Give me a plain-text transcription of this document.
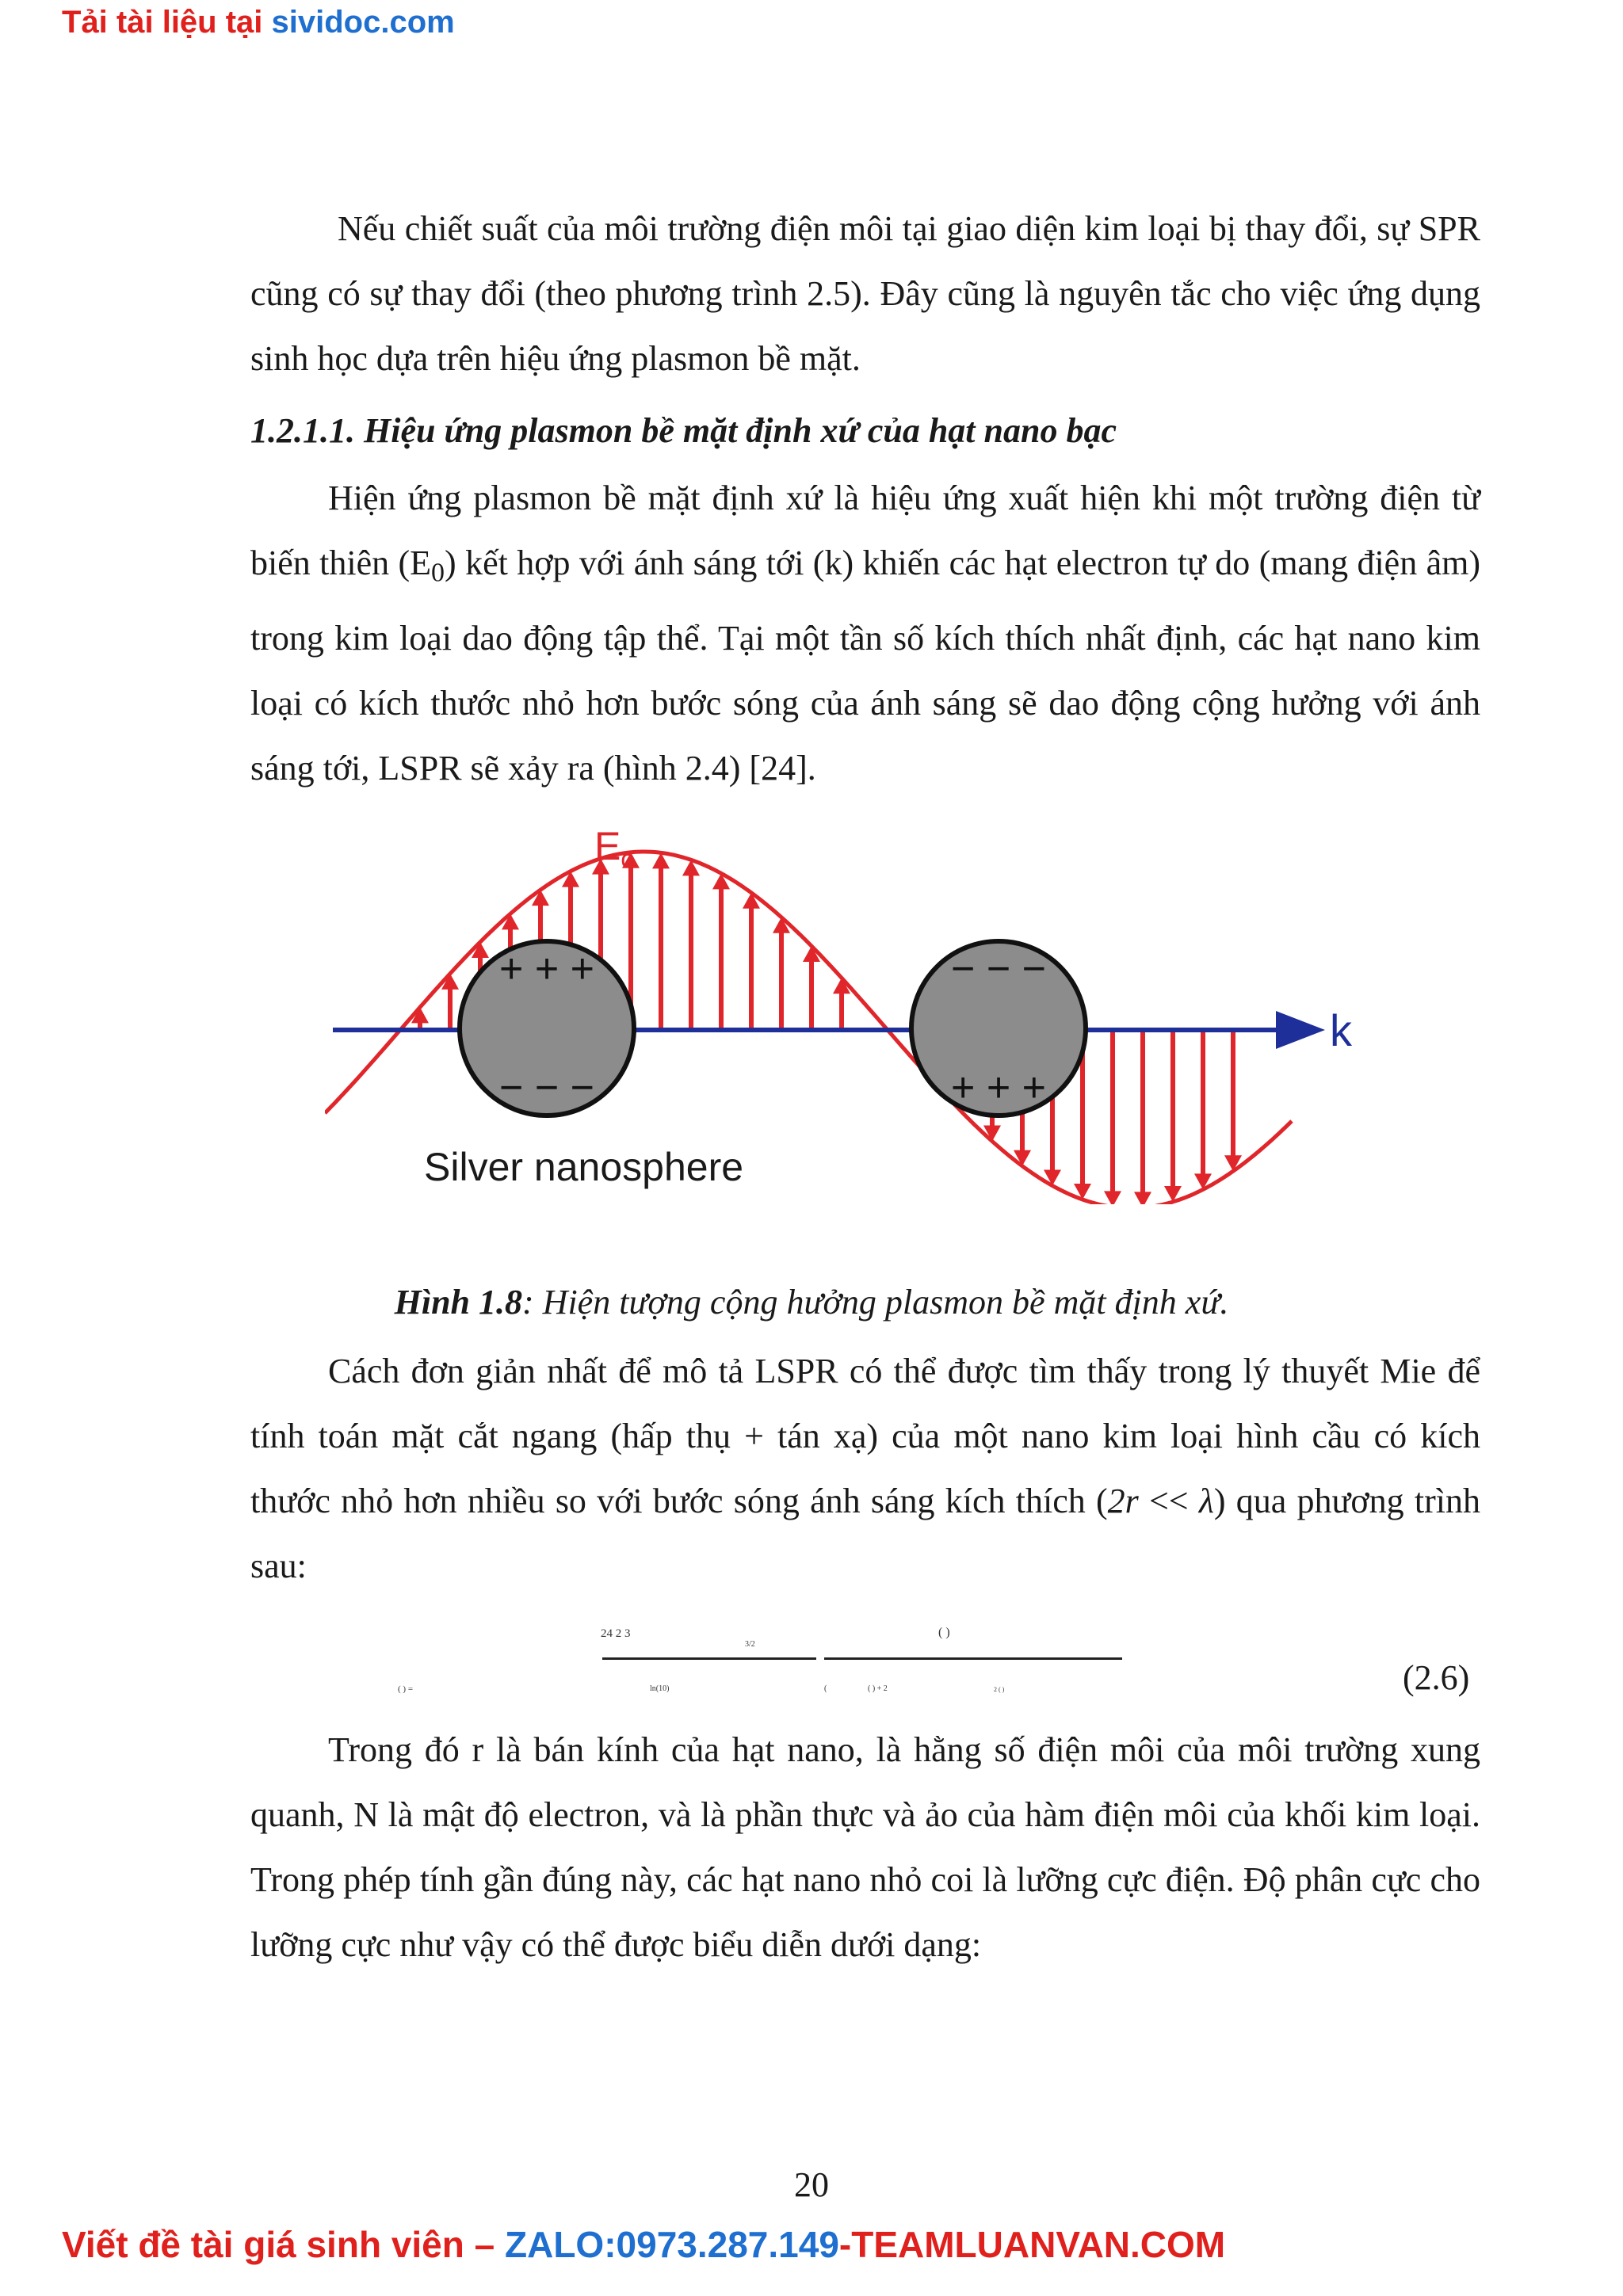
Tải tài liệu tại sividoc.com

Nếu chiết suất của môi trường điện môi tại giao diện kim loại bị thay đổi, sự SPR cũng có sự thay đổi (theo phương trình 2.5). Đây cũng là nguyên tắc cho việc ứng dụng sinh học dựa trên hiệu ứng plasmon bề mặt.

1.2.1.1. Hiệu ứng plasmon bề mặt định xứ của hạt nano bạc

Hiện ứng plasmon bề mặt định xứ là hiệu ứng xuất hiện khi một trường điện từ biến thiên $(E_0)$ kết hợp với ánh sáng tới (k) khiến các hạt electron tự do (mang điện âm) trong kim loại dao động tập thể. Tại một tần số kích thích nhất định, các hạt nano kim loại có kích thước nhỏ hơn bước sóng của ánh sáng sẽ dao động cộng hưởng với ánh sáng tới, LSPR sẽ xảy ra (hình 2.4) [24].

+ + +
− − −
− − −
+ + +
$E_o$
k
Silver nanosphere

Hình 1.8: Hiện tượng cộng hưởng plasmon bề mặt định xứ.

Cách đơn giản nhất để mô tả LSPR có thể được tìm thấy trong lý thuyết Mie để tính toán mặt cắt ngang (hấp thụ + tán xạ) của một nano kim loại hình cầu có kích thước nhỏ hơn nhiều so với bước sóng ánh sáng kích thích (2r << λ) qua phương trình sau:

24 2 3
3/2
( )
( ) =	ln(10)	(	( ) + 2	2 ( )	(2.6)

Trong đó r là bán kính của hạt nano, là hằng số điện môi của môi trường xung quanh, N là mật độ electron, và là phần thực và ảo của hàm điện môi của khối kim loại. Trong phép tính gần đúng này, các hạt nano nhỏ coi là lưỡng cực điện. Độ phân cực cho lưỡng cực như vậy có thể được biểu diễn dưới dạng:

20
Viết đề tài giá sinh viên – ZALO:0973.287.149-TEAMLUANVAN.COM
